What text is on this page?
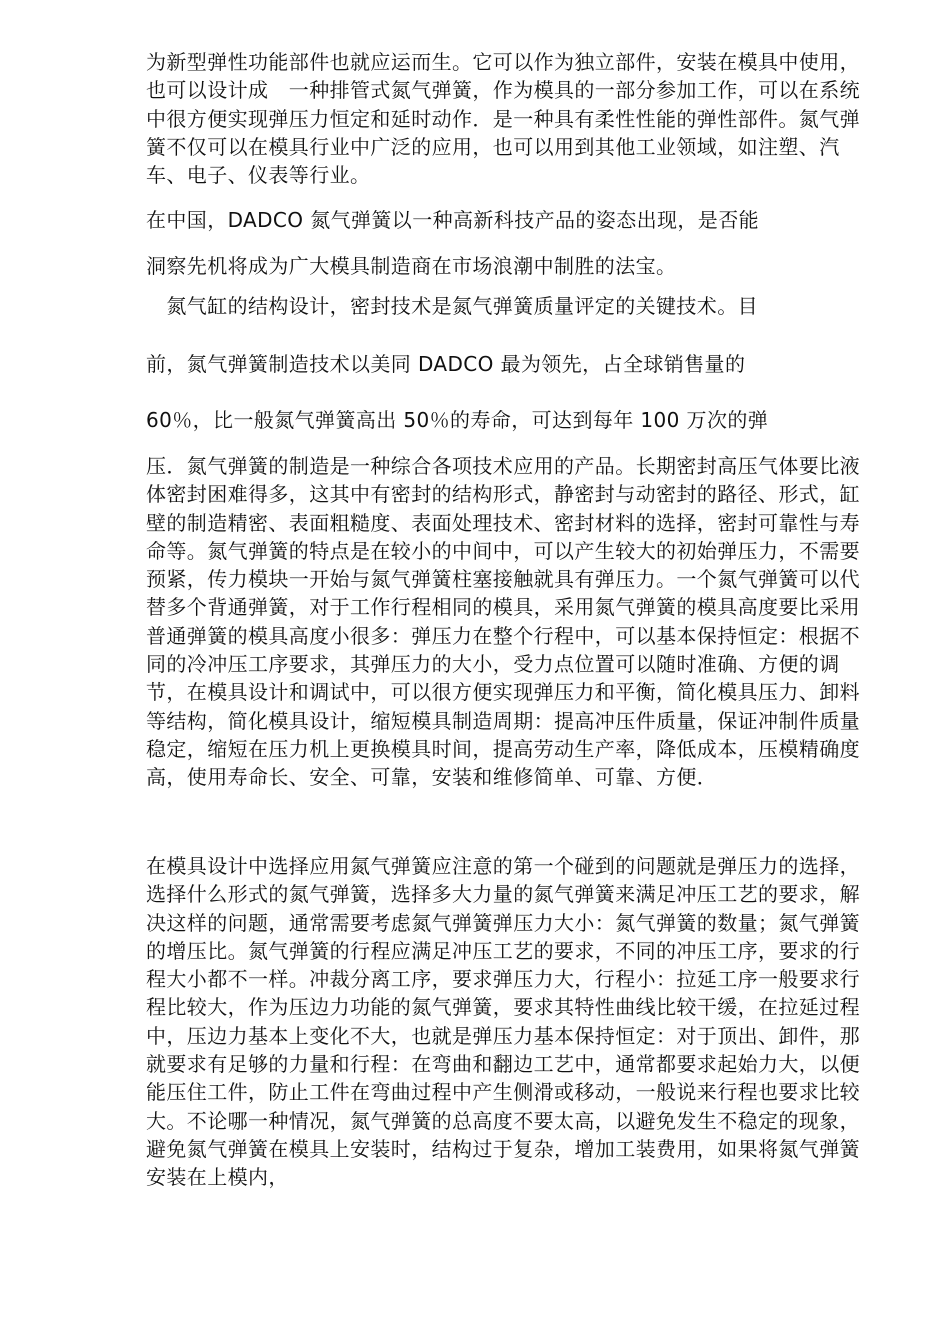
为新型弹性功能部件也就应运而生。它可以作为独立部件，安装在模具中使用，也可以设计成　一种排管式氮气弹簧，作为模具的一部分参加工作，可以在系统中很方便实现弹压力恒定和延时动作．是一种具有柔性性能的弹性部件。氮气弹簧不仅可以在模具行业中广泛的应用，也可以用到其他工业领域，如注塑、汽车、电子、仪表等行业。

在中国，DADCO 氮气弹簧以一种高新科技产品的姿态出现，是否能

洞察先机将成为广大模具制造商在市场浪潮中制胜的法宝。

　氮气缸的结构设计，密封技术是氮气弹簧质量评定的关键技术。目

前，氮气弹簧制造技术以美同 DADCO 最为领先，占全球销售量的

60％，比一般氮气弹簧高出 50％的寿命，可达到每年 100 万次的弹

压．氮气弹簧的制造是一种综合各项技术应用的产品。长期密封高压气体要比液体密封困难得多，这其中有密封的结构形式，静密封与动密封的路径、形式，缸壁的制造精密、表面粗糙度、表面处理技术、密封材料的选择，密封可靠性与寿命等。氮气弹簧的特点是在较小的中间中，可以产生较大的初始弹压力，不需要预紧，传力模块一开始与氮气弹簧柱塞接触就具有弹压力。一个氮气弹簧可以代替多个背通弹簧，对于工作行程相同的模具，采用氮气弹簧的模具高度要比采用普通弹簧的模具高度小很多：弹压力在整个行程中，可以基本保持恒定：根据不同的冷冲压工序要求，其弹压力的大小，受力点位置可以随时准确、方便的调节，在模具设计和调试中，可以很方便实现弹压力和平衡，简化模具压力、卸料等结构，简化模具设计，缩短模具制造周期：提高冲压件质量，保证冲制件质量稳定，缩短在压力机上更换模具时间，提高劳动生产率，降低成本，压模精确度高，使用寿命长、安全、可靠，安装和维修简单、可靠、方便．

在模具设计中选择应用氮气弹簧应注意的第一个碰到的问题就是弹压力的选择，选择什么形式的氮气弹簧，选择多大力量的氮气弹簧来满足冲压工艺的要求，解决这样的问题，通常需要考虑氮气弹簧弹压力大小：氮气弹簧的数量；氮气弹簧的增压比。氮气弹簧的行程应满足冲压工艺的要求，不同的冲压工序，要求的行程大小都不一样。冲裁分离工序，要求弹压力大，行程小：拉延工序一般要求行程比较大，作为压边力功能的氮气弹簧，要求其特性曲线比较干缓，在拉延过程中，压边力基本上变化不大，也就是弹压力基本保持恒定：对于顶出、卸件，那就要求有足够的力量和行程：在弯曲和翻边工艺中，通常都要求起始力大，以便能压住工件，防止工件在弯曲过程中产生侧滑或移动，一般说来行程也要求比较大。不论哪一种情况，氮气弹簧的总高度不要太高，以避免发生不稳定的现象，避免氮气弹簧在模具上安装时，结构过于复杂，增加工装费用，如果将氮气弹簧安装在上模内，
